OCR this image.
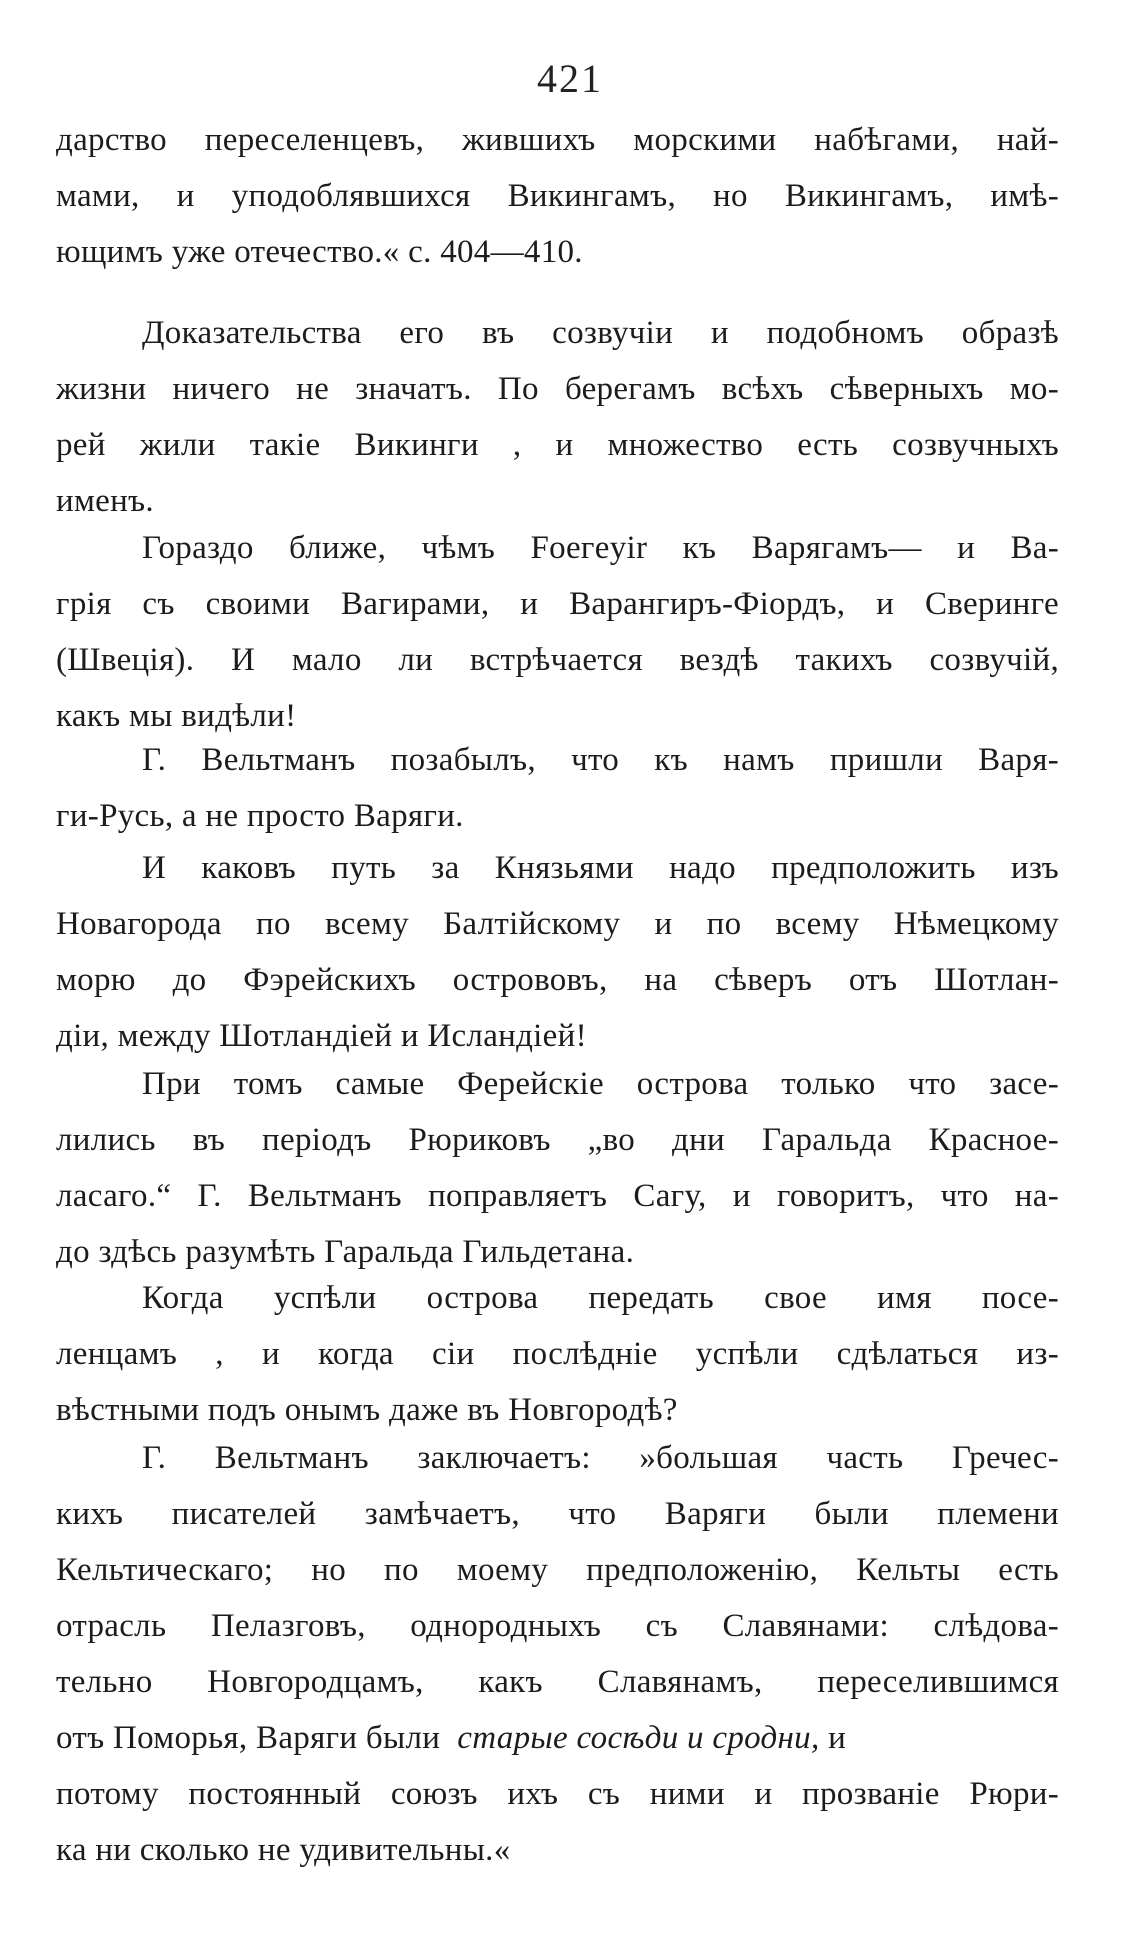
421
дарство переселенцевъ, жившихъ морскими набѣгами, най-
мами, и уподоблявшихся Викингамъ, но Викингамъ, имѣ-
ющимъ уже отечество.« с. 404—410.
Доказательства его въ созвучіи и подобномъ образѣ
жизни ничего не значатъ. По берегамъ всѣхъ сѣверныхъ мо-
рей жили такіе Викинги , и множество есть созвучныхъ
именъ.
Гораздо ближе, чѣмъ Foeгeyir къ Варягамъ— и Ва-
грія съ своими Вагирами, и Варангиръ-Фіордъ, и Сверинге
(Швеція). И мало ли встрѣчается вездѣ такихъ созвучій,
какъ мы видѣли!
Г. Вельтманъ позабылъ, что къ намъ пришли Варя-
ги-Русь, а не просто Варяги.
И каковъ путь за Князьями надо предположить изъ
Новагорода по всему Балтійскому и по всему Нѣмецкому
морю до Фэрейскихъ острововъ, на сѣверъ отъ Шотлан-
діи, между Шотландіей и Исландіей!
При томъ самые Ферейскіе острова только что засе-
лились въ періодъ Рюриковъ „во дни Гаральда Красное-
ласаго.“ Г. Вельтманъ поправляетъ Сагу, и говоритъ, что на-
до здѣсь разумѣть Гаральда Гильдетана.
Когда успѣли острова передать свое имя посе-
ленцамъ , и когда сіи послѣдніе успѣли сдѣлаться из-
вѣстными подъ онымъ даже въ Новгородѣ?
Г. Вельтманъ заключаетъ: »большая часть Гречес-
кихъ писателей замѣчаетъ, что Варяги были племени
Кельтическаго; но по моему предположенію, Кельты есть
отрасль Пелазговъ, однородныхъ съ Славянами: слѣдова-
тельно Новгородцамъ, какъ Славянамъ, переселившимся
отъ Поморья, Варяги были старые сосѣди и сродни, и
потому постоянный союзъ ихъ съ ними и прозваніе Рюри-
ка ни сколько не удивительны.«
